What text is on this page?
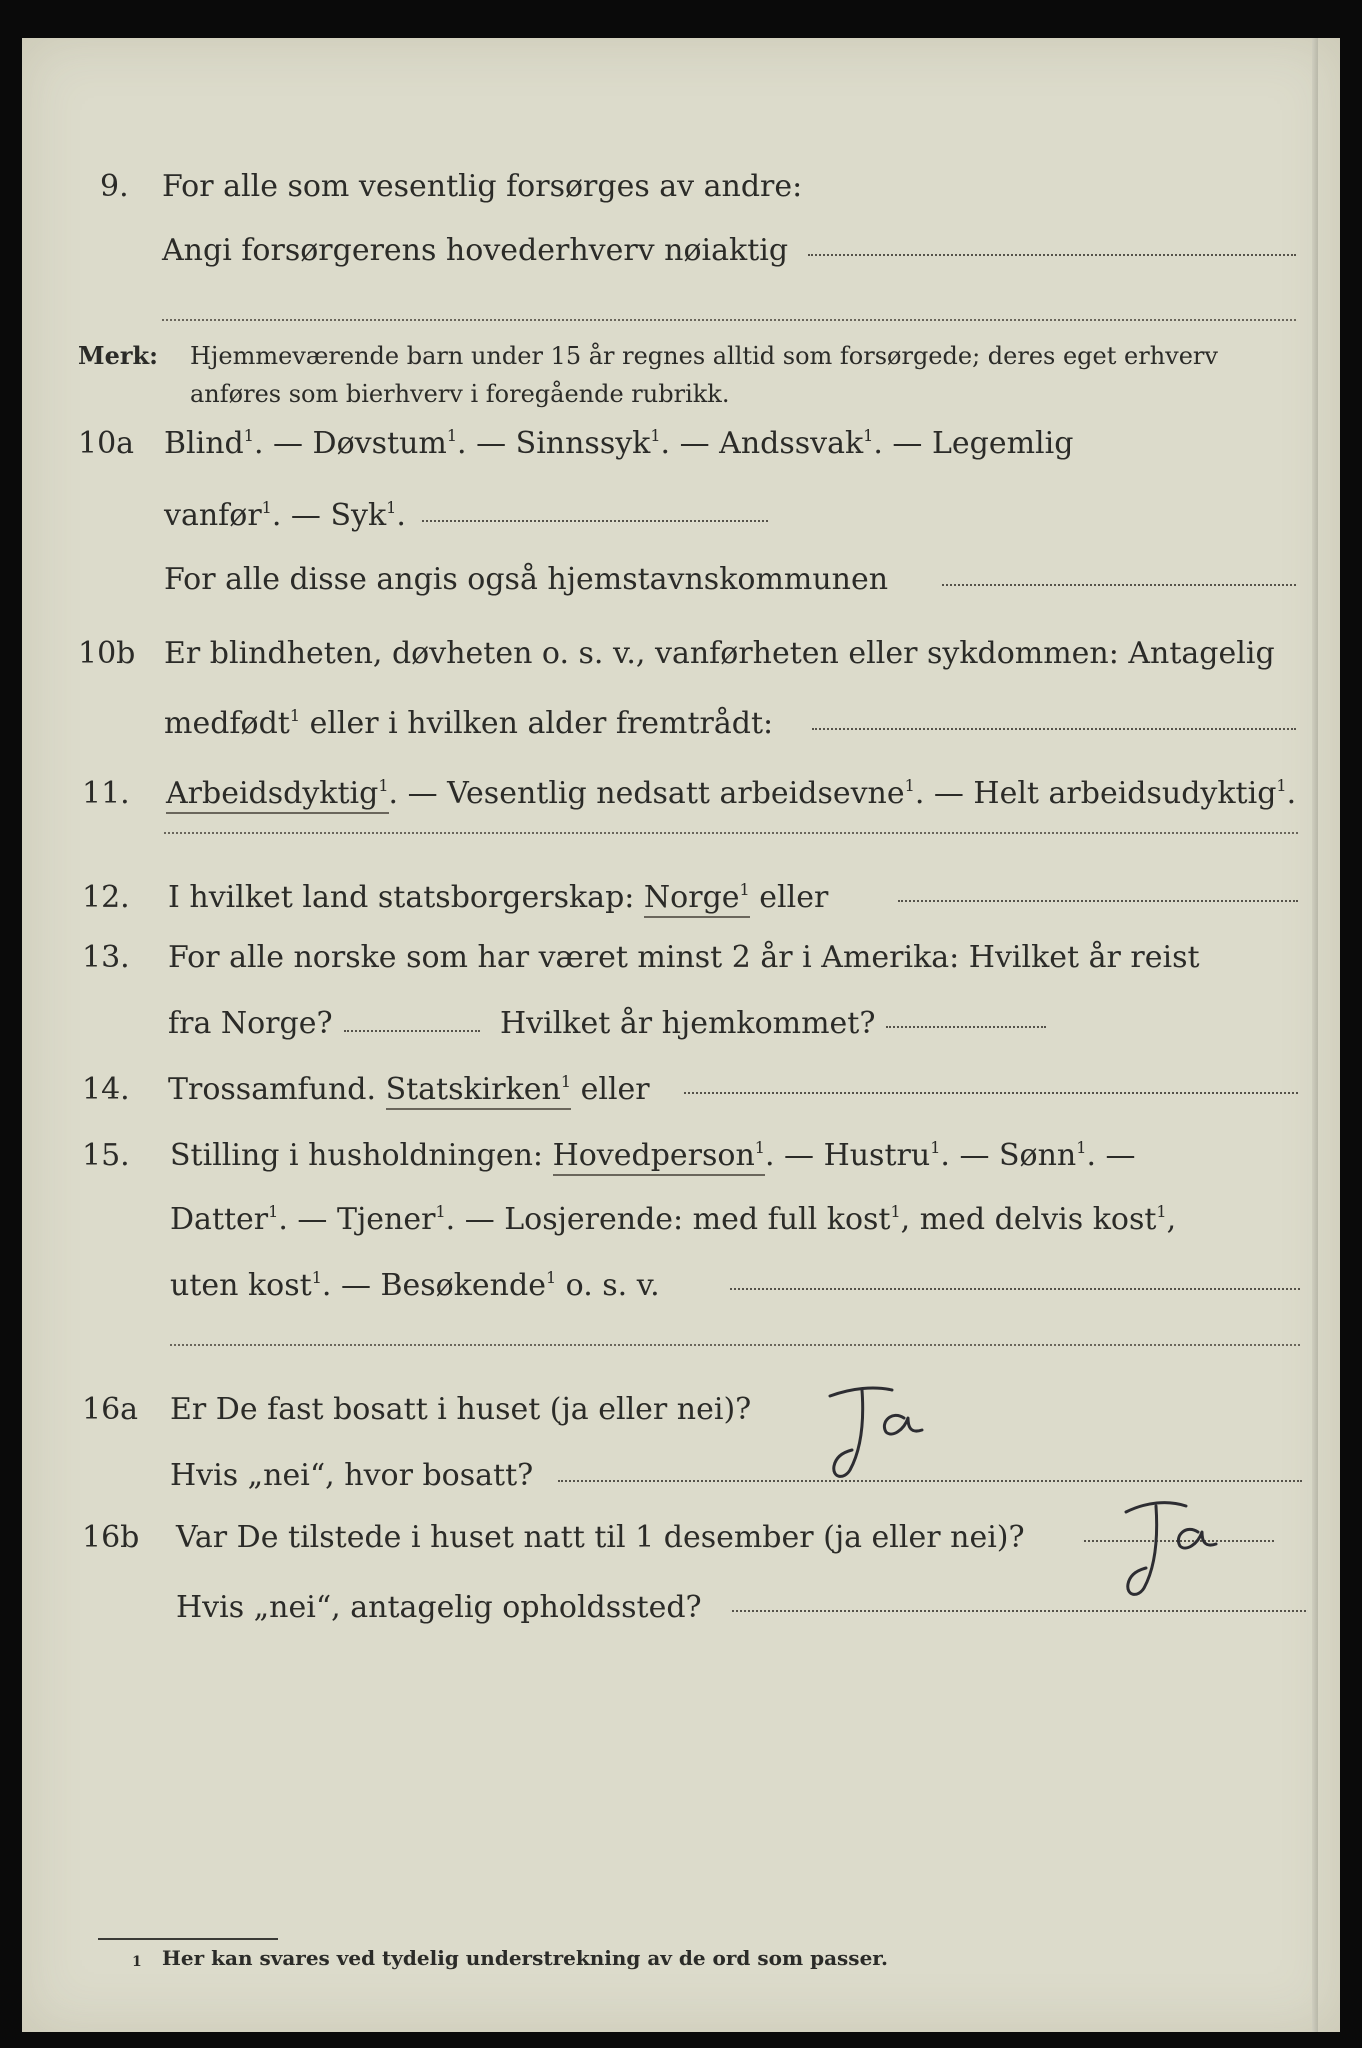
9.	For alle som vesentlig forsørges av andre:
Angi forsørgerens hovederhverv nøiaktig
Merk: Hjemmeværende barn under 15 år regnes alltid som forsørgede; deres eget erhverv
anføres som bierhverv i foregående rubrikk.
10a Blind$^1$. — Døvstum$^1$. — Sinnssyk$^1$. — Andssvak$^1$. — Legemlig
vanfør$^1$. — Syk$^1$.
For alle disse angis også hjemstavnskommunen
10b Er blindheten, døvheten o. s. v., vanførheten eller sykdommen: Antagelig
medfødt$^1$ eller i hvilken alder fremtrådt:
11.	Arbeidsdyktig$^1$. — Vesentlig nedsatt arbeidsevne$^1$. — Helt arbeidsudyktig$^1$.
12.	I hvilket land statsborgerskap: Norge$^1$ eller
13.	For alle norske som har været minst 2 år i Amerika: Hvilket år reist
fra Norge?	Hvilket år hjemkommet?
14.	Trossamfund. Statskirken$^1$ eller
15.	Stilling i husholdningen: Hovedperson$^1$. — Hustru$^1$. — Sønn$^1$. —
Datter$^1$. — Tjener$^1$. — Losjerende: med full kost$^1$, med delvis kost$^1$,
uten kost$^1$. — Besøkende$^1$ o. s. v.
16a	Er De fast bosatt i huset (ja eller nei)?
Hvis „nei“, hvor bosatt?
16b	Var De tilstede i huset natt til 1 desember (ja eller nei)?
Hvis „nei“, antagelig opholdssted?
1 Her kan svares ved tydelig understrekning av de ord som passer.
